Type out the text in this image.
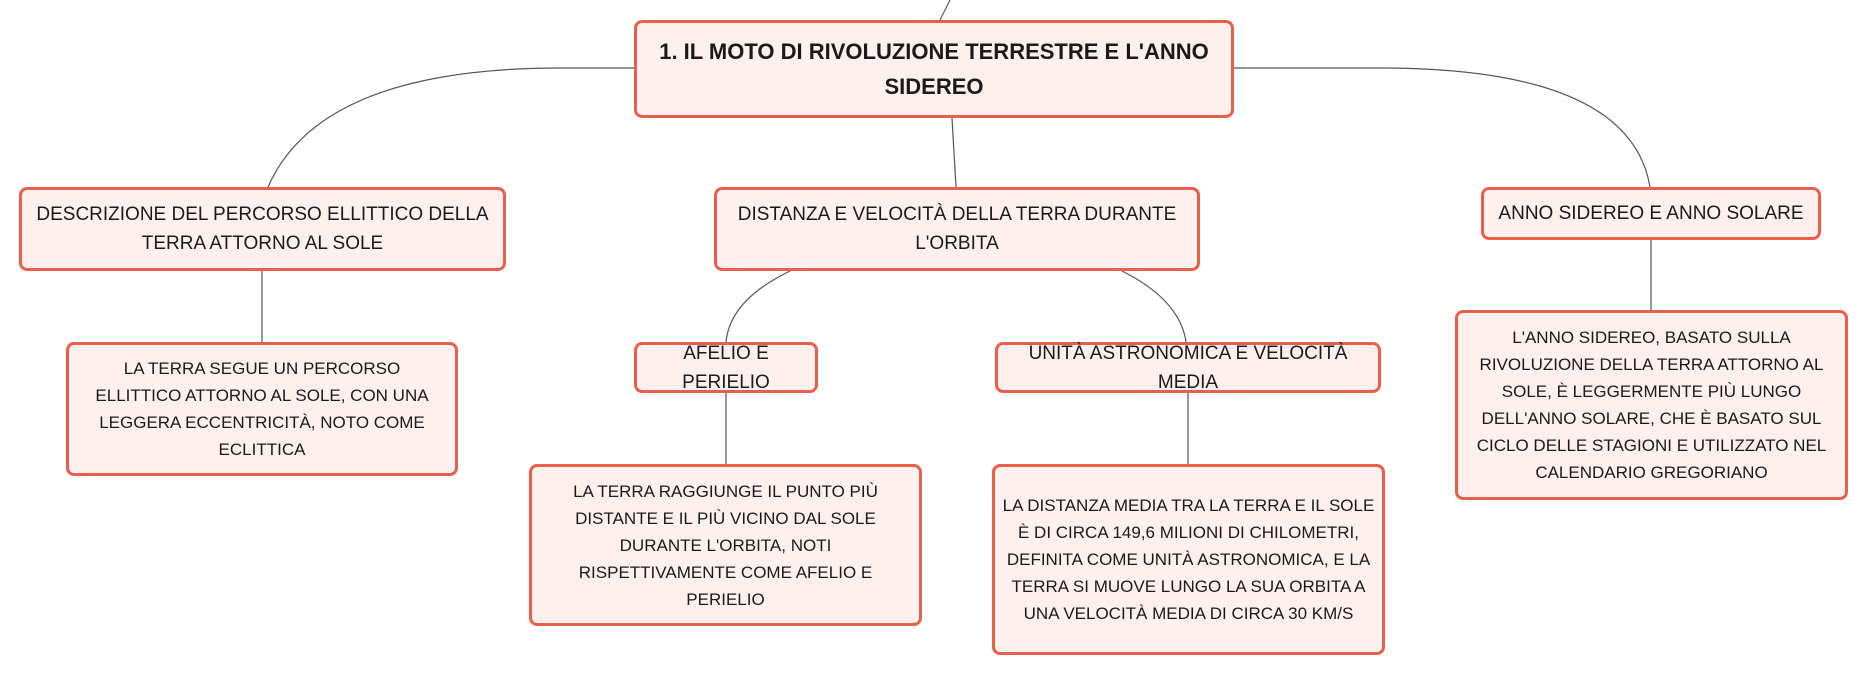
1. IL MOTO DI RIVOLUZIONE TERRESTRE E L'ANNO SIDEREO
DESCRIZIONE DEL PERCORSO ELLITTICO DELLA TERRA ATTORNO AL SOLE
DISTANZA E VELOCITÀ DELLA TERRA DURANTE L'ORBITA
ANNO SIDEREO E ANNO SOLARE
LA TERRA SEGUE UN PERCORSO ELLITTICO ATTORNO AL SOLE, CON UNA LEGGERA ECCENTRICITÀ, NOTO COME ECLITTICA
AFELIO E PERIELIO
UNITÀ ASTRONOMICA E VELOCITÀ MEDIA
LA TERRA RAGGIUNGE IL PUNTO PIÙ DISTANTE E IL PIÙ VICINO DAL SOLE DURANTE L'ORBITA, NOTI RISPETTIVAMENTE COME AFELIO E PERIELIO
LA DISTANZA MEDIA TRA LA TERRA E IL SOLE È DI CIRCA 149,6 MILIONI DI CHILOMETRI, DEFINITA COME UNITÀ ASTRONOMICA, E LA TERRA SI MUOVE LUNGO LA SUA ORBITA A UNA VELOCITÀ MEDIA DI CIRCA 30 KM/S
L'ANNO SIDEREO, BASATO SULLA RIVOLUZIONE DELLA TERRA ATTORNO AL SOLE, È LEGGERMENTE PIÙ LUNGO DELL'ANNO SOLARE, CHE È BASATO SUL CICLO DELLE STAGIONI E UTILIZZATO NEL CALENDARIO GREGORIANO
